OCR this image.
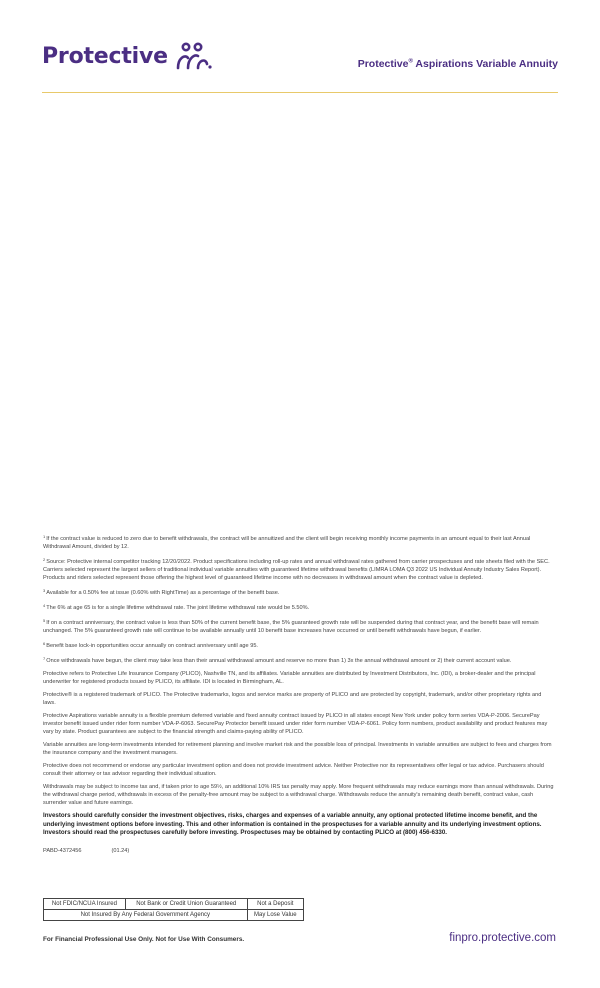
Protective	Protective® Aspirations Variable Annuity

$^1$If the contract value is reduced to zero due to benefit withdrawals, the contract will be annuitized and the client will begin receiving monthly income payments in an amount equal to their last Annual Withdrawal Amount, divided by 12.

$^2$Source: Protective internal competitor tracking 12/20/2022. Product specifications including roll-up rates and annual withdrawal rates gathered from carrier prospectuses and rate sheets filed with the SEC. Carriers selected represent the largest sellers of traditional individual variable annuities with guaranteed lifetime withdrawal benefits (LIMRA LOMA Q3 2022 US Individual Annuity Industry Sales Report). Products and riders selected represent those offering the highest level of guaranteed lifetime income with no decreases in withdrawal amount when the contract value is depleted.

$^3$Available for a 0.50% fee at issue (0.60% with RightTime) as a percentage of the benefit base.

$^4$The 6% at age 65 is for a single lifetime withdrawal rate. The joint lifetime withdrawal rate would be 5.50%.

$^5$If on a contract anniversary, the contract value is less than 50% of the current benefit base, the 5% guaranteed growth rate will be suspended during that contract year, and the benefit base will remain unchanged. The 5% guaranteed growth rate will continue to be available annually until 10 benefit base increases have occurred or until benefit withdrawals have begun, if earlier.

$^6$Benefit base lock-in opportunities occur annually on contract anniversary until age 95.

$^7$Once withdrawals have begun, the client may take less than their annual withdrawal amount and reserve no more than 1) 3x the annual withdrawal amount or 2) their current account value.

Protective refers to Protective Life Insurance Company (PLICO), Nashville TN, and its affiliates. Variable annuities are distributed by Investment Distributors, Inc. (IDI), a broker-dealer and the principal underwriter for registered products issued by PLICO, its affiliate. IDI is located in Birmingham, AL.

Protective® is a registered trademark of PLICO. The Protective trademarks, logos and service marks are property of PLICO and are protected by copyright, trademark, and/or other proprietary rights and laws.

Protective Aspirations variable annuity is a flexible premium deferred variable and fixed annuity contract issued by PLICO in all states except New York under policy form series VDA-P-2006. SecurePay investor benefit issued under rider form number VDA-P-6063. SecurePay Protector benefit issued under rider form number VDA-P-6061. Policy form numbers, product availability and product features may vary by state. Product guarantees are subject to the financial strength and claims-paying ability of PLICO.

Variable annuities are long-term investments intended for retirement planning and involve market risk and the possible loss of principal. Investments in variable annuities are subject to fees and charges from the insurance company and the investment managers.

Protective does not recommend or endorse any particular investment option and does not provide investment advice. Neither Protective nor its representatives offer legal or tax advice. Purchasers should consult their attorney or tax advisor regarding their individual situation.

Withdrawals may be subject to income tax and, if taken prior to age 59½, an additional 10% IRS tax penalty may apply. More frequent withdrawals may reduce earnings more than annual withdrawals. During the withdrawal charge period, withdrawals in excess of the penalty-free amount may be subject to a withdrawal charge. Withdrawals reduce the annuity's remaining death benefit, contract value, cash surrender value and future earnings.

Investors should carefully consider the investment objectives, risks, charges and expenses of a variable annuity, any optional protected lifetime income benefit, and the underlying investment options before investing. This and other information is contained in the prospectuses for a variable annuity and its underlying investment options. Investors should read the prospectuses carefully before investing. Prospectuses may be obtained by contacting PLICO at (800) 456-6330.

PABD-4372456	(01.24)

Not FDIC/NCUA Insured	Not Bank or Credit Union Guaranteed	Not a Deposit
Not Insured By Any Federal Government Agency		May Lose Value
For Financial Professional Use Only. Not for Use With Consumers.	finpro.protective.com
